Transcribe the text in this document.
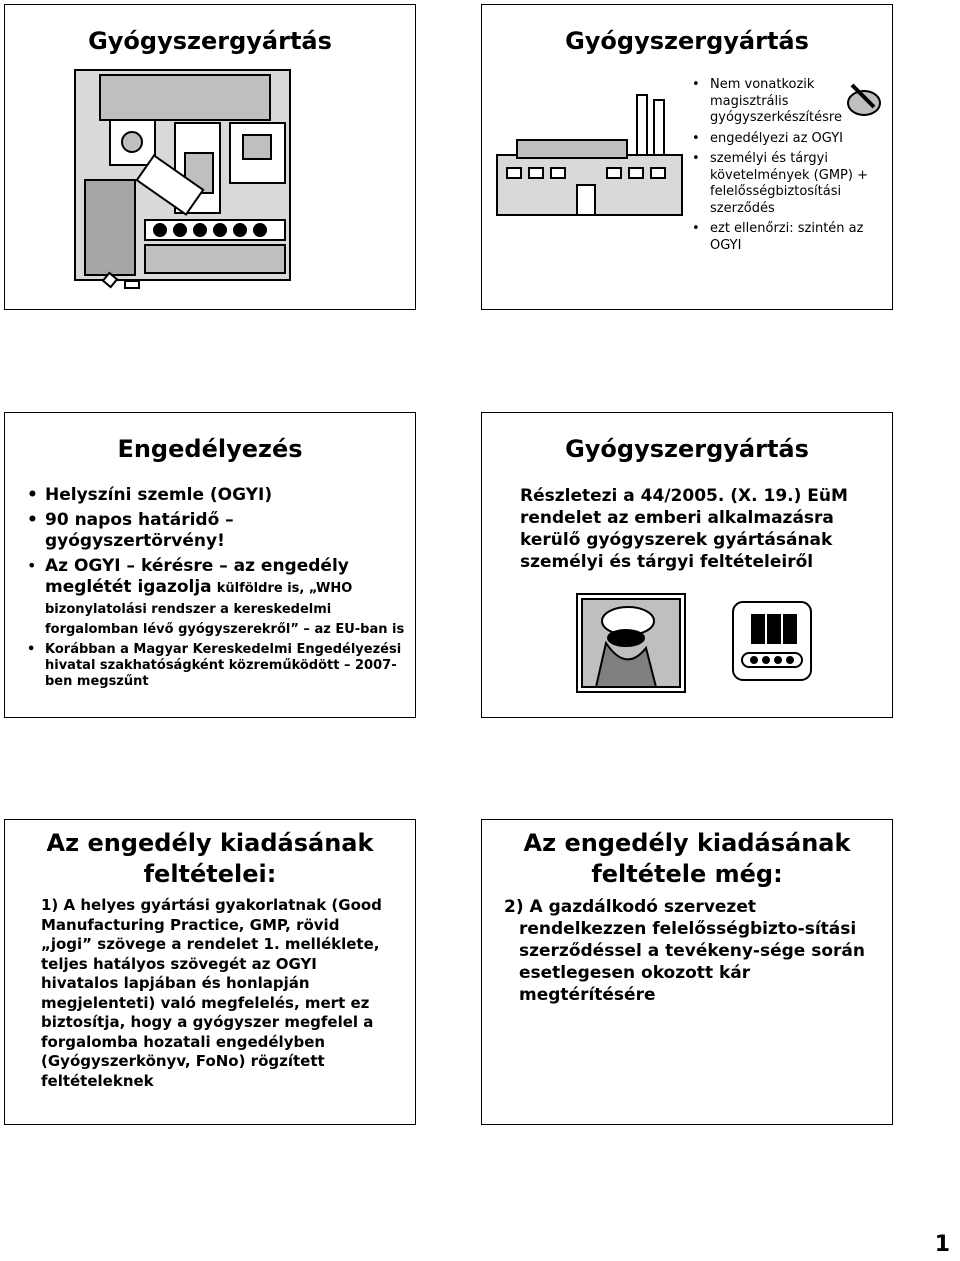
Gyógyszergyártás	Gyógyszergyártás
• Nem vonatkozik magisztrális gyógyszerkészítésre
• engedélyezi az OGYI
• személyi és tárgyi követelmények (GMP) + felelősségbiztosítási szerződés
• ezt ellenőrzi: szintén az OGYI
Engedélyezés
• Helyszíni szemle (OGYI)
• 90 napos határidő – gyógyszertörvény!
• Az OGYI – kérésre – az engedély meglétét igazolja külföldre is, „WHO bizonylatolási rendszer a kereskedelmi forgalomban lévő gyógyszerekről” – az EU-ban is
• Korábban a Magyar Kereskedelmi Engedélyezési hivatal szakhatóságként közreműködött – 2007-ben megszűnt
Gyógyszergyártás
Részletezi a 44/2005. (X. 19.) EüM rendelet az emberi alkalmazásra kerülő gyógyszerek gyártásának személyi és tárgyi feltételeiről
Az engedély kiadásának feltételei:
1) A helyes gyártási gyakorlatnak (Good Manufacturing Practice, GMP, rövid „jogi” szövege a rendelet 1. melléklete, teljes hatályos szövegét az OGYI hivatalos lapjában és honlapján megjelenteti) való megfelelés, mert ez biztosítja, hogy a gyógyszer megfelel a forgalomba hozatali engedélyben (Gyógyszerkönyv, FoNo) rögzített feltételeknek
Az engedély kiadásának feltétele még:
2) A gazdálkodó szervezet
rendelkezzen felelősségbizto-sítási szerződéssel a tevékeny-sége során esetlegesen okozott kár megtérítésére
1
